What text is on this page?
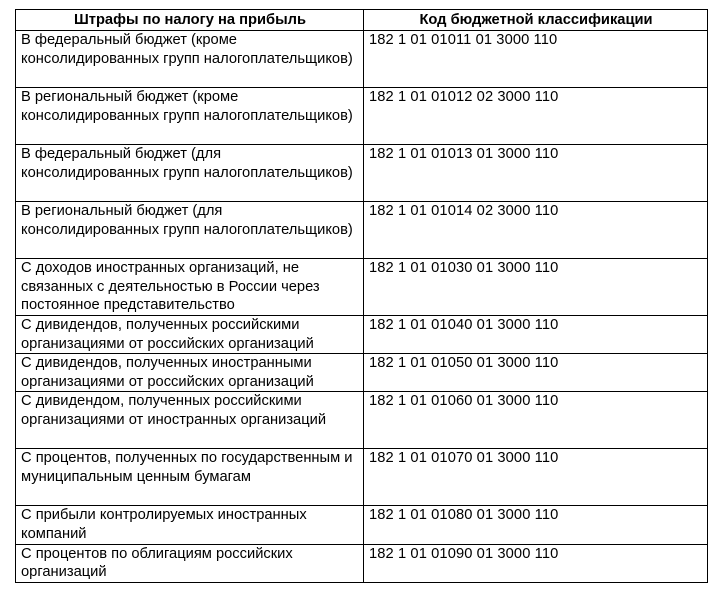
Штрафы по налогу на прибыль	Код бюджетной классификации
В федеральный бюджет (кроме консолидированных групп налогоплательщиков)	182 1 01 01011 01 3000 110
В региональный бюджет (кроме консолидированных групп налогоплательщиков)	182 1 01 01012 02 3000 110
В федеральный бюджет (для консолидированных групп налогоплательщиков)	182 1 01 01013 01 3000 110
В региональный бюджет (для консолидированных групп налогоплательщиков)	182 1 01 01014 02 3000 110
С доходов иностранных организаций, не связанных с деятельностью в России через постоянное представительство	182 1 01 01030 01 3000 110
С дивидендов, полученных российскими организациями от российских организаций	182 1 01 01040 01 3000 110
С дивидендов, полученных иностранными организациями от российских организаций	182 1 01 01050 01 3000 110
С дивидендом, полученных российскими организациями от иностранных организаций	182 1 01 01060 01 3000 110
С процентов, полученных по государственным и муниципальным ценным бумагам	182 1 01 01070 01 3000 110
С прибыли контролируемых иностранных компаний	182 1 01 01080 01 3000 110
С процентов по облигациям российских организаций	182 1 01 01090 01 3000 110
